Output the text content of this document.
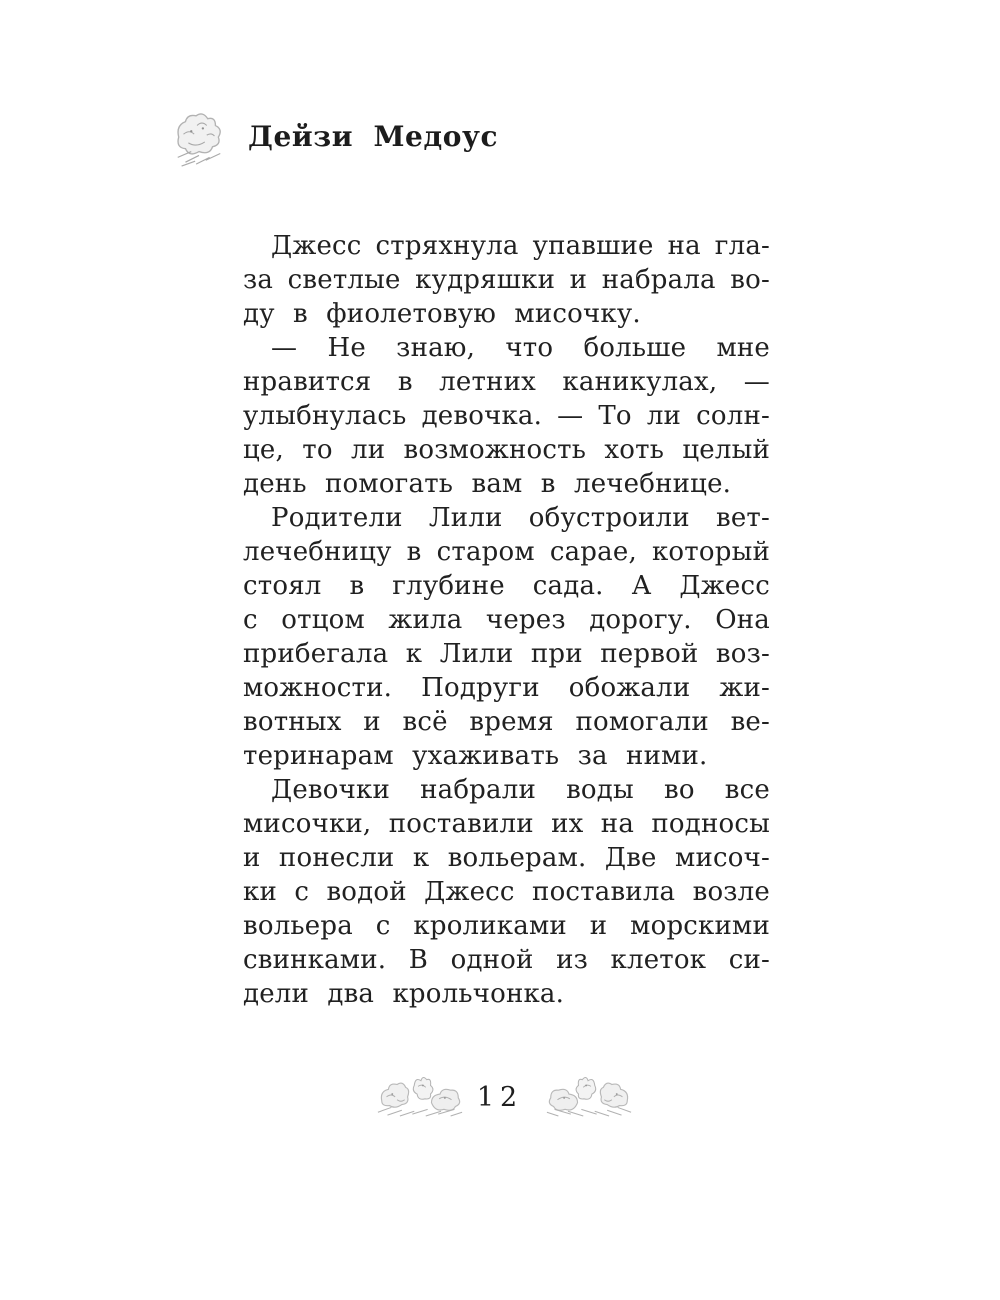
Дейзи Медоус
Джесс стряхнула упавшие на гла-
за светлые кудряшки и набрала во-
ду в фиолетовую мисочку.
— Не знаю, что больше мне
нравится в летних каникулах, —
улыбнулась девочка. — То ли солн-
це, то ли возможность хоть целый
день помогать вам в лечебнице.
Родители Лили обустроили вет-
лечебницу в старом сарае, который
стоял в глубине сада. А Джесс
с отцом жила через дорогу. Она
прибегала к Лили при первой воз-
можности. Подруги обожали жи-
вотных и всё время помогали ве-
теринарам ухаживать за ними.
Девочки набрали воды во все
мисочки, поставили их на подносы
и понесли к вольерам. Две мисоч-
ки с водой Джесс поставила возле
вольера с кроликами и морскими
свинками. В одной из клеток си-
дели два крольчонка.
12
